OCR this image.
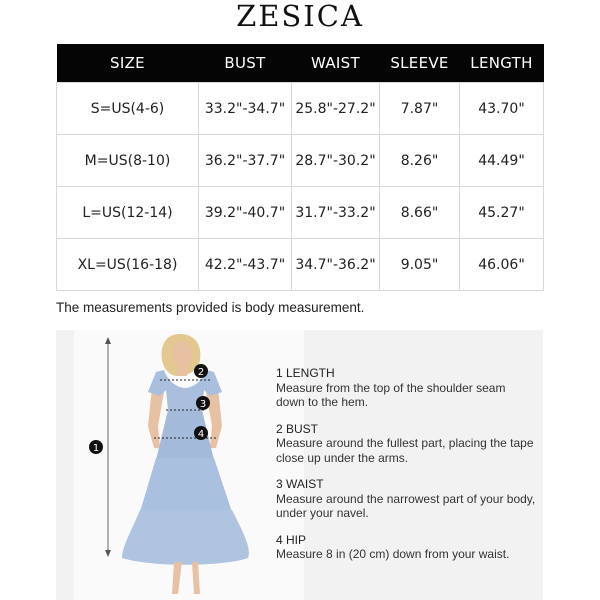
ZESICA
SIZE	BUST	WAIST	SLEEVE	LENGTH
S=US(4-6)	33.2"-34.7"	25.8"-27.2"	7.87"	43.70"
M=US(8-10)	36.2"-37.7"	28.7"-30.2"	8.26"	44.49"
L=US(12-14)	39.2"-40.7"	31.7"-33.2"	8.66"	45.27"
XL=US(16-18)	42.2"-43.7"	34.7"-36.2"	9.05"	46.06"
The measurements provided is body measurement.
1
2
3
4
1 LENGTH
Measure from the top of the shoulder seam down to the hem.
2 BUST
Measure around the fullest part, placing the tape close up under the arms.
3 WAIST
Measure around the narrowest part of your body, under your navel.
4 HIP
Measure 8 in (20 cm) down from your waist.
